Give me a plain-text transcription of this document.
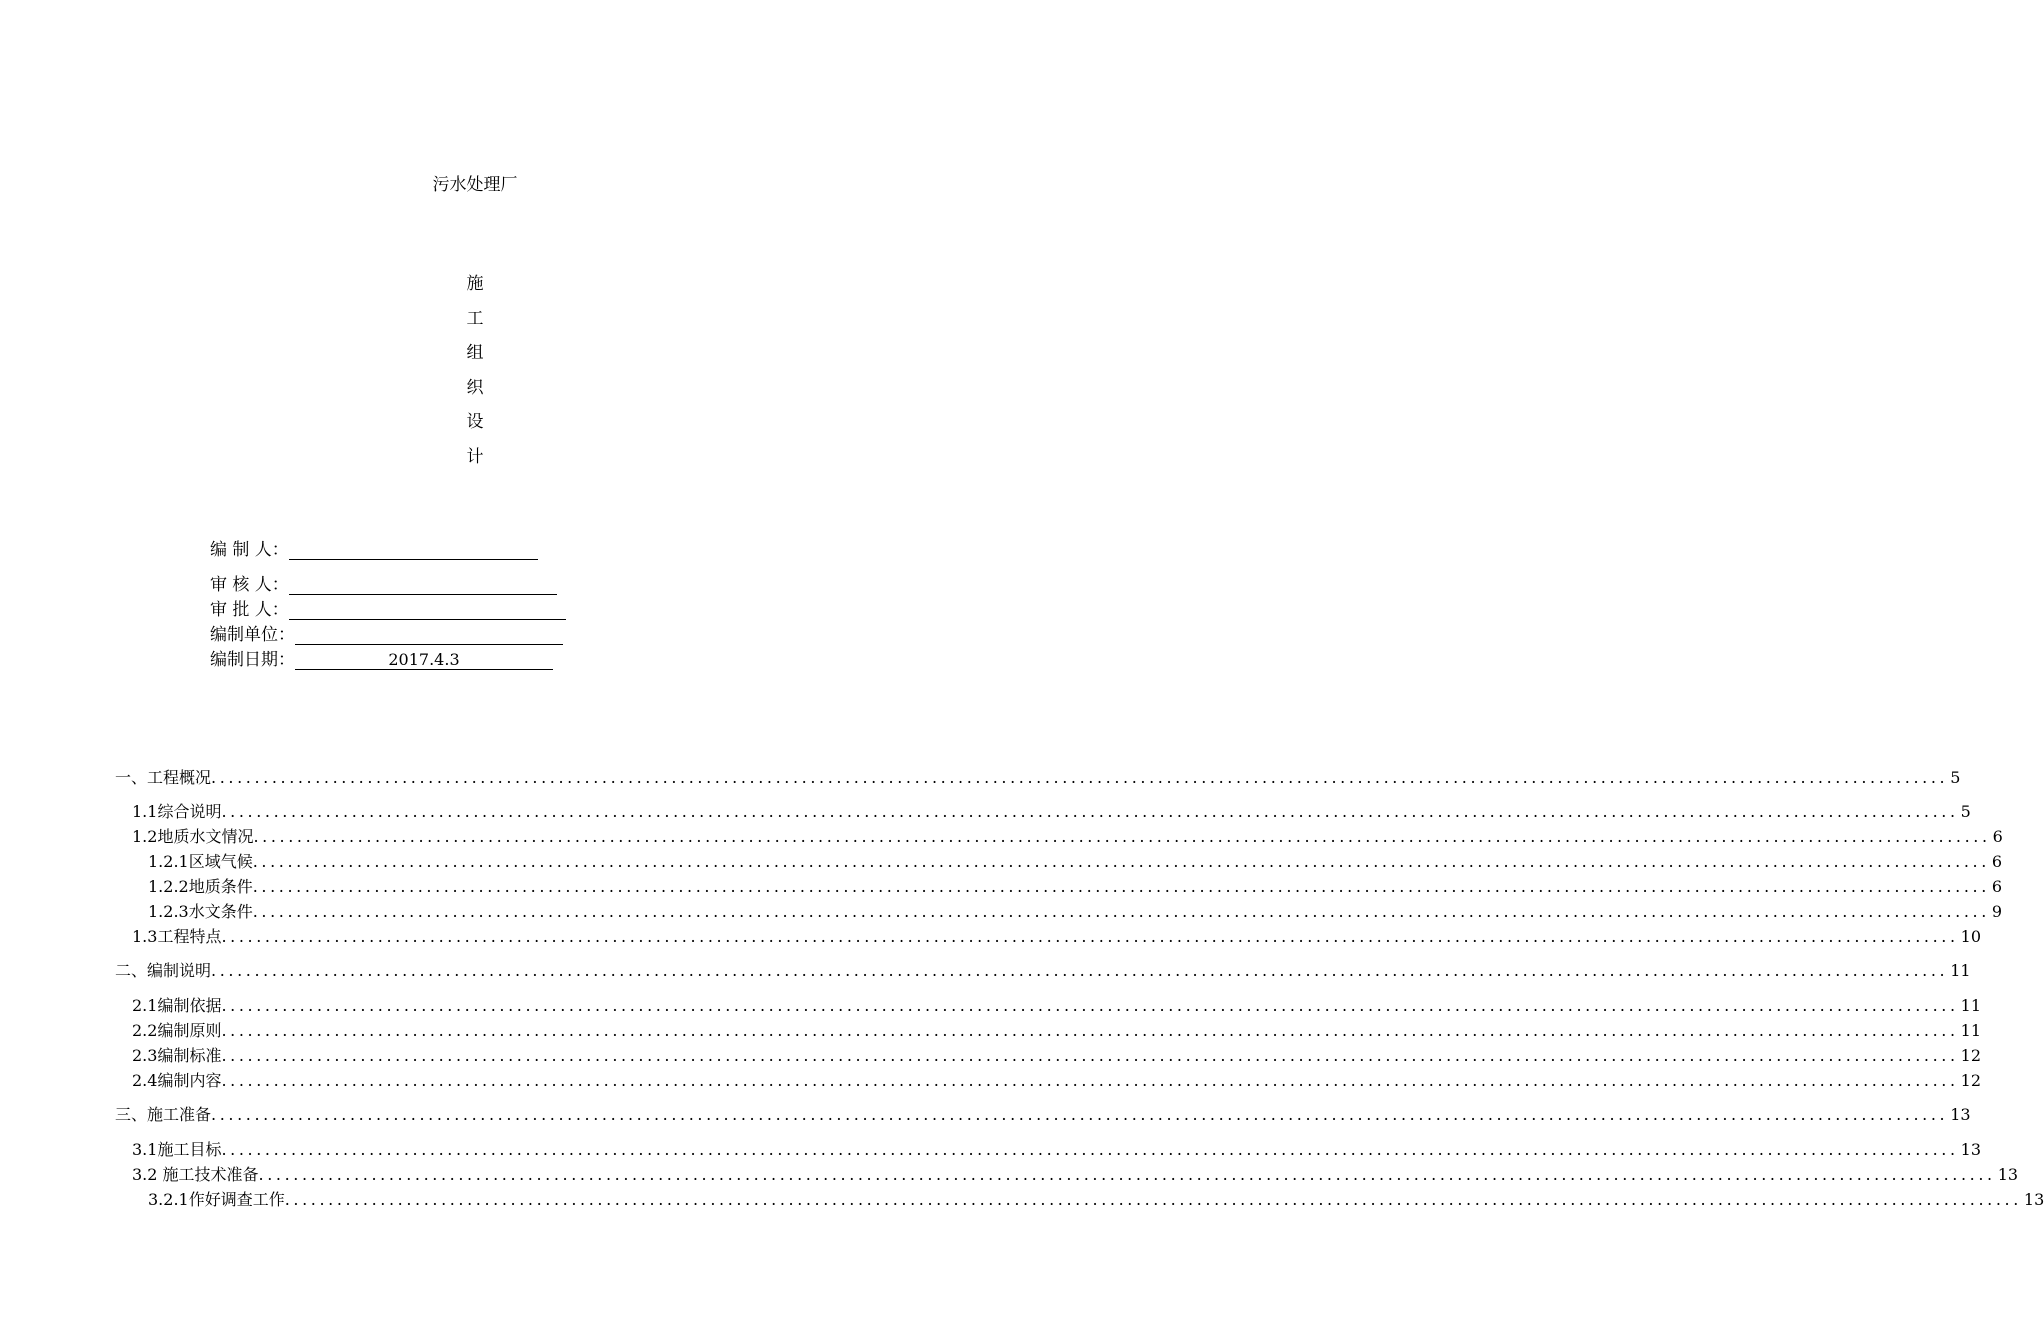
污水处理厂
施
工
组
织
设
计
编 制 人：
审 核 人：
审 批 人：
编制单位：
编制日期：	2017.4.3
一、工程概况 ........................................................................................................................................................................................................ 5
1.1综合说明 ........................................................................................................................................................................................................ 5
1.2地质水文情况 ........................................................................................................................................................................................................ 6
1.2.1区域气候 ........................................................................................................................................................................................................ 6
1.2.2地质条件 ........................................................................................................................................................................................................ 6
1.2.3水文条件 ........................................................................................................................................................................................................ 9
1.3工程特点 ........................................................................................................................................................................................................ 10
二、编制说明 ........................................................................................................................................................................................................ 11
2.1编制依据 ........................................................................................................................................................................................................ 11
2.2编制原则 ........................................................................................................................................................................................................ 11
2.3编制标准 ........................................................................................................................................................................................................ 12
2.4编制内容 ........................................................................................................................................................................................................ 12
三、施工准备 ........................................................................................................................................................................................................ 13
3.1施工目标 ........................................................................................................................................................................................................ 13
3.2 施工技术准备 ........................................................................................................................................................................................................ 13
3.2.1作好调查工作 ........................................................................................................................................................................................................ 13
